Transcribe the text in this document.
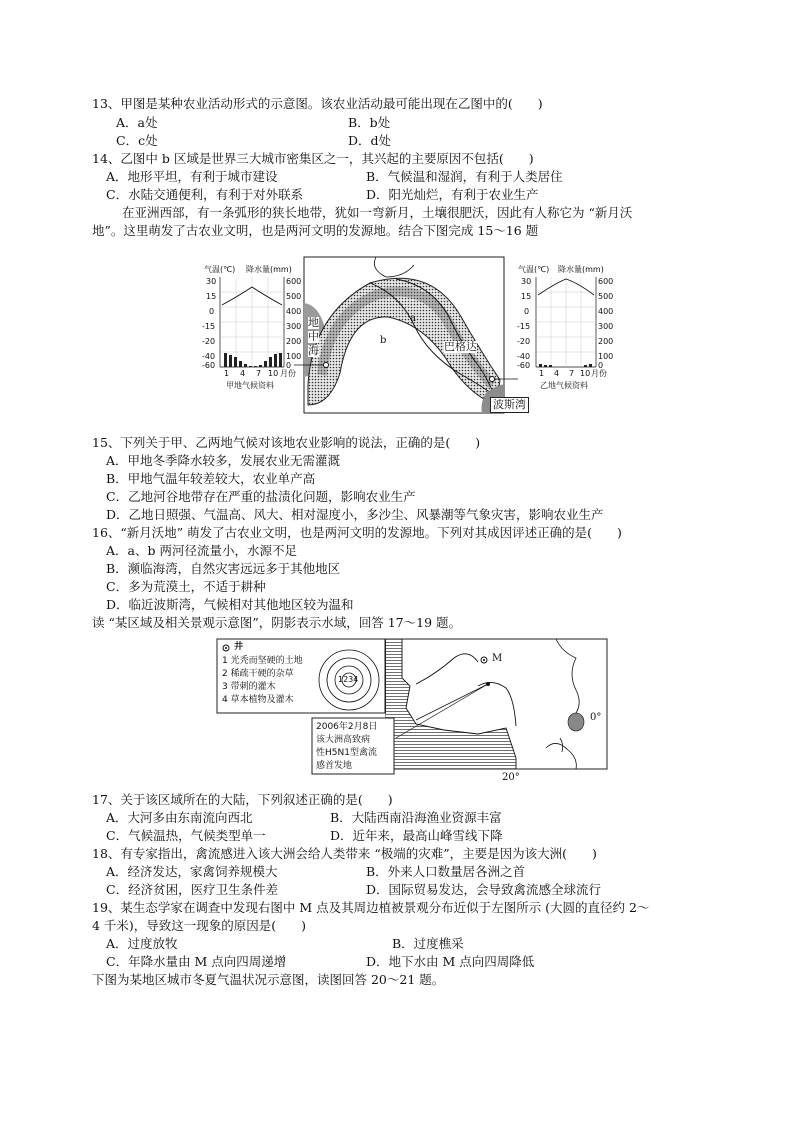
13、甲图是某种农业活动形式的示意图。该农业活动最可能出现在乙图中的(　　)
A．a处	B．b处
C．c处	D．d处
14、乙图中 b 区域是世界三大城市密集区之一，其兴起的主要原因不包括(　　)
A．地形平坦，有利于城市建设	B．气候温和湿润，有利于人类居住
C．水陆交通便利，有利于对外联系	D．阳光灿烂，有利于农业生产
在亚洲西部，有一条弧形的狭长地带，犹如一弯新月，土壤很肥沃，因此有人称它为 “新月沃
地”。这里萌发了古农业文明，也是两河文明的发源地。结合下图完成 15～16 题
气温(℃) 降水量(mm)
30
15
0
-15
-20
-40
-60
600
500
400
300
200
100
0
1 4 7 10 月份
甲地气候资料
气温(℃) 降水量(mm)
30
15
0
-15
-20
-40
-60
600
500
400
300
200
100
0
1 4 7 10 月份
乙地气候资料
地
中
海
a
b	巴格达
波斯湾
15、下列关于甲、乙两地气候对该地农业影响的说法，正确的是(　　)
A．甲地冬季降水较多，发展农业无需灌溉
B．甲地气温年较差较大，农业单产高
C．乙地河谷地带存在严重的盐渍化问题，影响农业生产
D．乙地日照强、气温高、风大、相对湿度小，多沙尘、风暴潮等气象灾害，影响农业生产
16、“新月沃地” 萌发了古农业文明，也是两河文明的发源地。下列对其成因评述正确的是(　　)
A．a、b 两河径流量小，水源不足
B．濒临海湾，自然灾害远远多于其他地区
C．多为荒漠土，不适于耕种
D．临近波斯湾，气候相对其他地区较为温和
读 “某区域及相关景观示意图”，阴影表示水域，回答 17～19 题。
井
1 光秃而坚硬的土地
2 稀疏干硬的杂草
3 带刺的灌木
4 草本植物及灌木
1234
M
2006年2月8日
该大洲高致病
性H5N1型禽流
感首发地
0°
20°
17、关于该区域所在的大陆，下列叙述正确的是(　　)
A．大河多由东南流向西北	B．大陆西南沿海渔业资源丰富
C．气候温热，气候类型单一	D．近年来，最高山峰雪线下降
18、有专家指出，禽流感进入该大洲会给人类带来 “极端的灾难”，主要是因为该大洲(　　)
A．经济发达，家禽饲养规模大	B．外来人口数量居各洲之首
C．经济贫困，医疗卫生条件差	D．国际贸易发达，会导致禽流感全球流行
19、某生态学家在调查中发现右图中 M 点及其周边植被景观分布近似于左图所示 (大圆的直径约 2～
4 千米)，导致这一现象的原因是(　　)
A．过度放牧	B．过度樵采
C．年降水量由 M 点向四周递增	D．地下水由 M 点向四周降低
下图为某地区城市冬夏气温状况示意图，读图回答 20～21 题。
